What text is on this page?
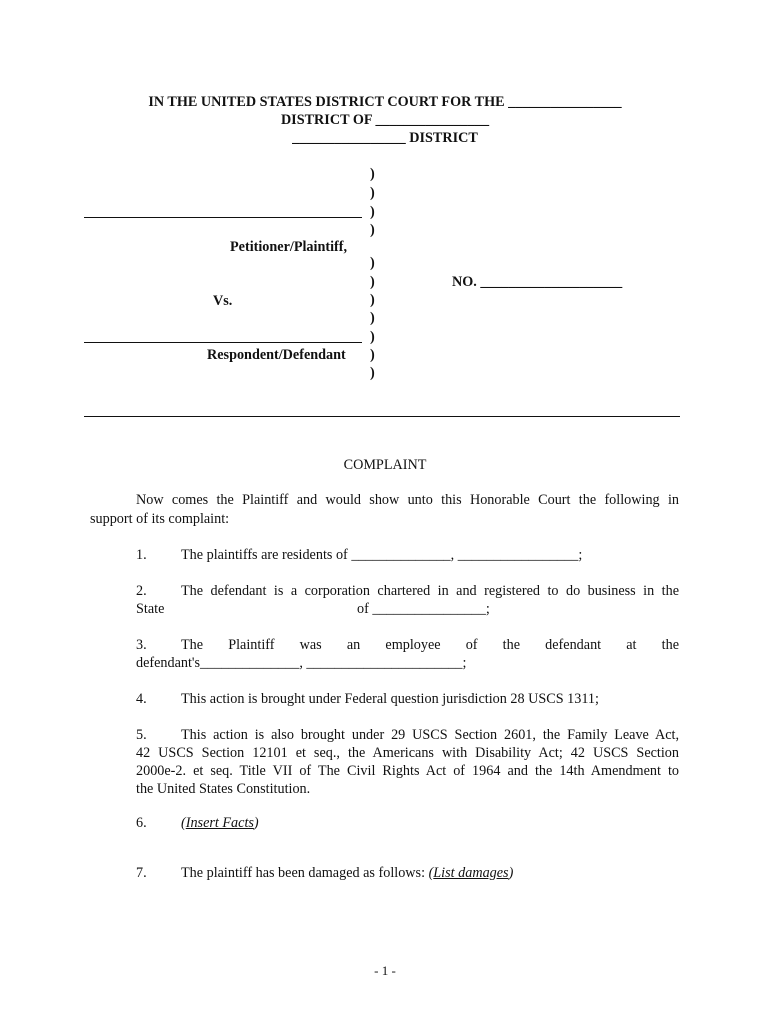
IN THE UNITED STATES DISTRICT COURT FOR THE ________________
DISTRICT OF ________________
________________ DISTRICT
)
)
)
)
)
)
)
)
)
)
)
Petitioner/Plaintiff,
Vs.
Respondent/Defendant
NO. ____________________
COMPLAINT
Now comes the Plaintiff and would show unto this Honorable Court the following in
support of its complaint:
1. The plaintiffs are residents of ______________, _________________;
2. The defendant is a corporation chartered in and registered to do business in the
State	of ________________;
3. The Plaintiff was an employee of the defendant at the
defendant's______________, ______________________;
4. This action is brought under Federal question jurisdiction 28 USCS 1311;
5. This action is also brought under 29 USCS Section 2601, the Family Leave Act,
42 USCS Section 12101 et seq., the Americans with Disability Act; 42 USCS Section
2000e-2. et seq. Title VII of The Civil Rights Act of 1964 and the 14th Amendment to
the United States Constitution.
6. (Insert Facts)
7. The plaintiff has been damaged as follows: (List damages)
- 1 -
